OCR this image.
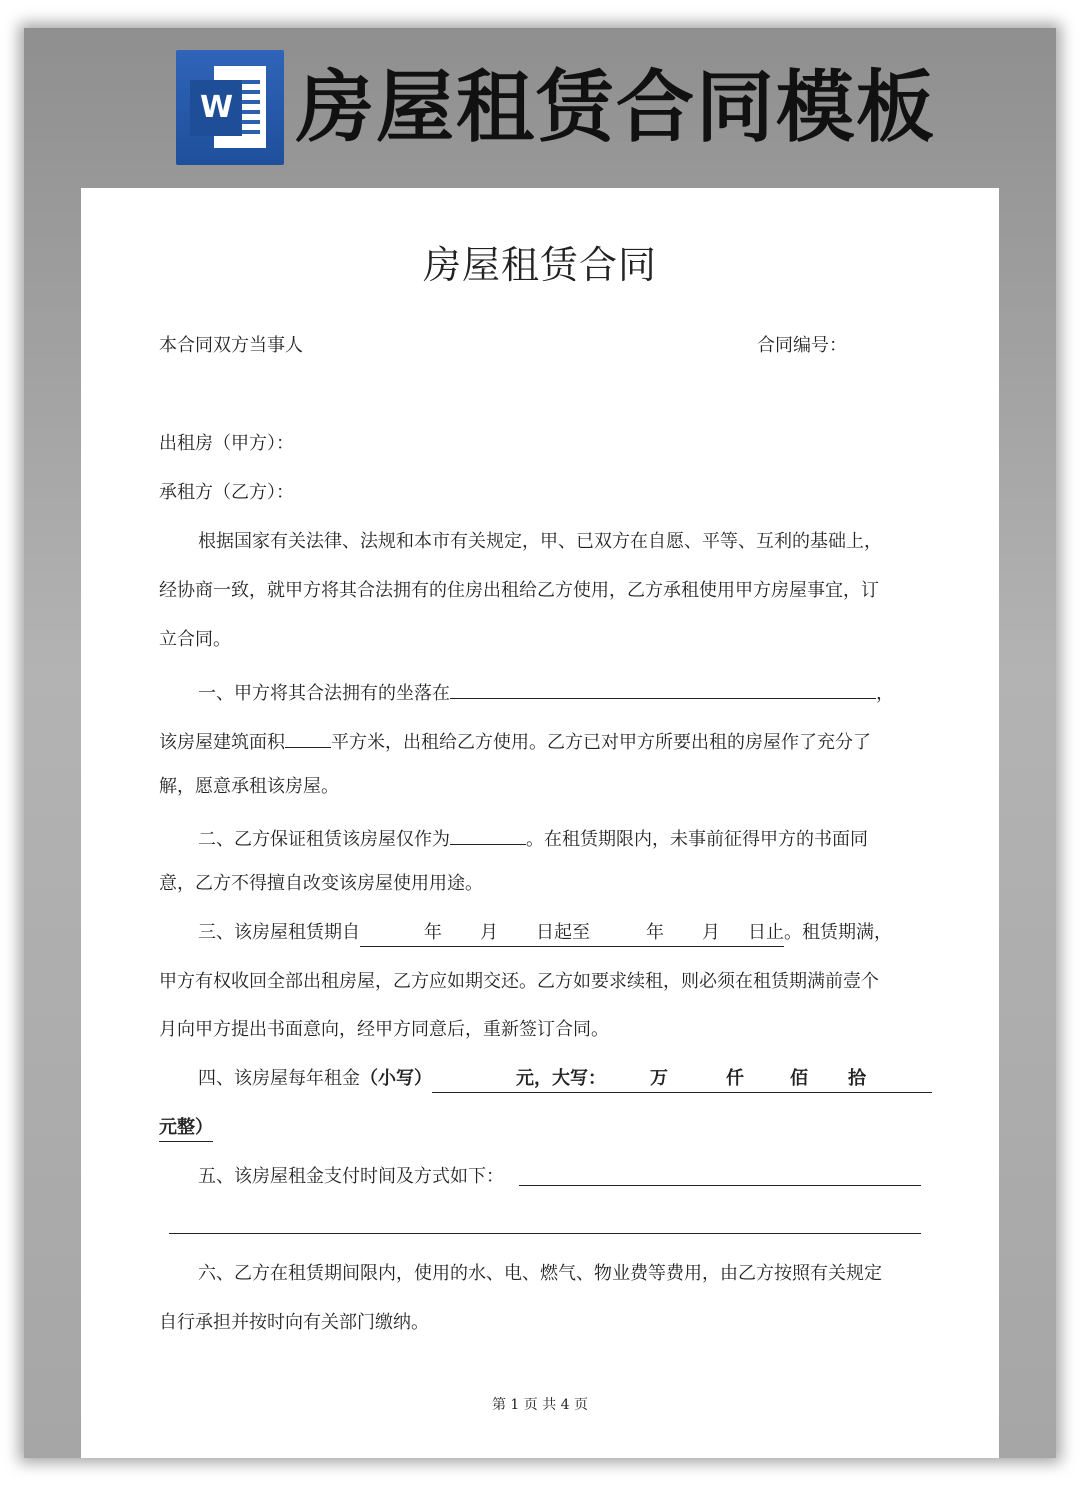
W 房屋租赁合同模板
房屋租赁合同
本合同双方当事人	合同编号：
出租房（甲方）：
承租方（乙方）：
根据国家有关法律、法规和本市有关规定，甲、已双方在自愿、平等、互利的基础上，
经协商一致，就甲方将其合法拥有的住房出租给乙方使用，乙方承租使用甲方房屋事宜，订
立合同。
一、甲方将其合法拥有的坐落在	，
该房屋建筑面积	平方米，出租给乙方使用。乙方已对甲方所要出租的房屋作了充分了
解，愿意承租该房屋。
二、乙方保证租赁该房屋仅作为	。在租赁期限内，未事前征得甲方的书面同
意，乙方不得擅自改变该房屋使用用途。
三、该房屋租赁期自	年 月 日起至	年 月 日止。租赁期满，
甲方有权收回全部出租房屋，乙方应如期交还。乙方如要求续租，则必须在租赁期满前壹个
月向甲方提出书面意向，经甲方同意后，重新签订合同。
四、该房屋每年租金（小写）	元，大写： 万	仟	佰 拾
元整）
五、该房屋租金支付时间及方式如下：
六、乙方在租赁期间限内，使用的水、电、燃气、物业费等费用，由乙方按照有关规定
自行承担并按时向有关部门缴纳。
第 1 页 共 4 页
